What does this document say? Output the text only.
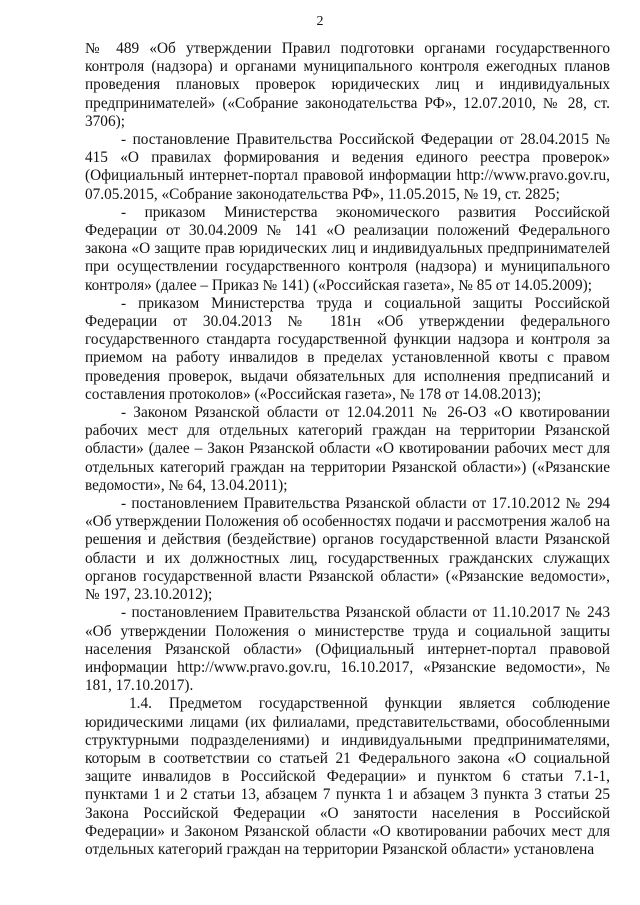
2

№ 489 «Об утверждении Правил подготовки органами государственного контроля (надзора) и органами муниципального контроля ежегодных планов проведения плановых проверок юридических лиц и индивидуальных предпринимателей» («Собрание законодательства РФ», 12.07.2010, № 28, ст. 3706);

- постановление Правительства Российской Федерации от 28.04.2015 № 415 «О правилах формирования и ведения единого реестра проверок» (Официальный интернет-портал правовой информации http://www.pravo.gov.ru, 07.05.2015, «Собрание законодательства РФ», 11.05.2015, № 19, ст. 2825;

- приказом Министерства экономического развития Российской Федерации от 30.04.2009 № 141 «О реализации положений Федерального закона «О защите прав юридических лиц и индивидуальных предпринимателей при осуществлении государственного контроля (надзора) и муниципального контроля» (далее – Приказ № 141) («Российская газета», № 85 от 14.05.2009);

- приказом Министерства труда и социальной защиты Российской Федерации от 30.04.2013 № 181н «Об утверждении федерального государственного стандарта государственной функции надзора и контроля за приемом на работу инвалидов в пределах установленной квоты с правом проведения проверок, выдачи обязательных для исполнения предписаний и составления протоколов» («Российская газета», № 178 от 14.08.2013);

- Законом Рязанской области от 12.04.2011 № 26-ОЗ «О квотировании рабочих мест для отдельных категорий граждан на территории Рязанской области» (далее – Закон Рязанской области «О квотировании рабочих мест для отдельных категорий граждан на территории Рязанской области») («Рязанские ведомости», № 64, 13.04.2011);

- постановлением Правительства Рязанской области от 17.10.2012 № 294 «Об утверждении Положения об особенностях подачи и рассмотрения жалоб на решения и действия (бездействие) органов государственной власти Рязанской области и их должностных лиц, государственных гражданских служащих органов государственной власти Рязанской области» («Рязанские ведомости», № 197, 23.10.2012);

- постановлением Правительства Рязанской области от 11.10.2017 № 243 «Об утверждении Положения о министерстве труда и социальной защиты населения Рязанской области» (Официальный интернет-портал правовой информации http://www.pravo.gov.ru, 16.10.2017, «Рязанские ведомости», № 181, 17.10.2017).

1.4. Предметом государственной функции является соблюдение юридическими лицами (их филиалами, представительствами, обособленными структурными подразделениями) и индивидуальными предпринимателями, которым в соответствии со статьей 21 Федерального закона «О социальной защите инвалидов в Российской Федерации» и пунктом 6 статьи 7.1-1, пунктами 1 и 2 статьи 13, абзацем 7 пункта 1 и абзацем 3 пункта 3 статьи 25 Закона Российской Федерации «О занятости населения в Российской Федерации» и Законом Рязанской области «О квотировании рабочих мест для отдельных категорий граждан на территории Рязанской области» установлена
